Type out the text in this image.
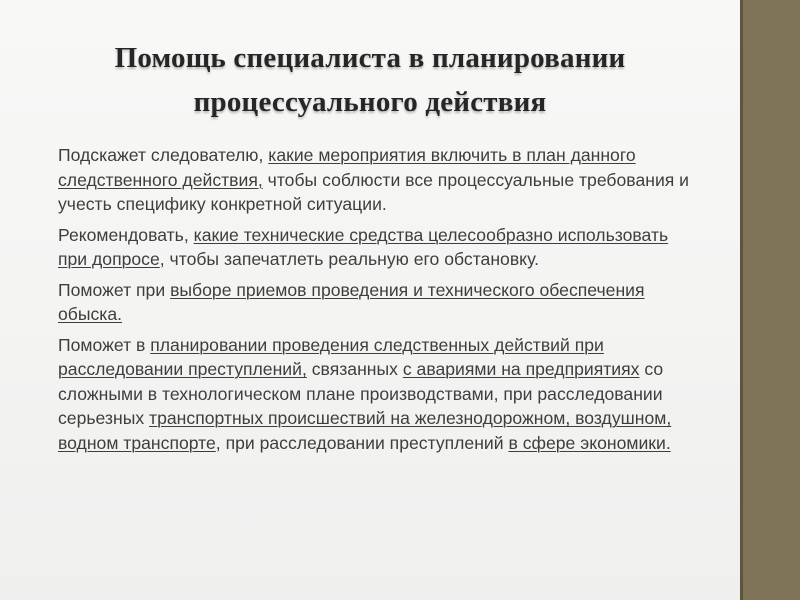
Помощь специалиста в планировании
процессуального действия

Подскажет следователю, какие мероприятия включить в план данного следственного действия, чтобы соблюсти все процессуальные требования и учесть специфику конкретной ситуации.

Рекомендовать, какие технические средства целесообразно использовать при допросе, чтобы запечатлеть реальную его обстановку.

Поможет при выборе приемов проведения и технического обеспечения обыска.

Поможет в планировании проведения следственных действий при расследовании преступлений, связанных с авариями на предприятиях со сложными в технологическом плане производствами, при расследовании серьезных транспортных происшествий на железнодорожном, воздушном, водном транспорте, при расследовании преступлений в сфере экономики.
